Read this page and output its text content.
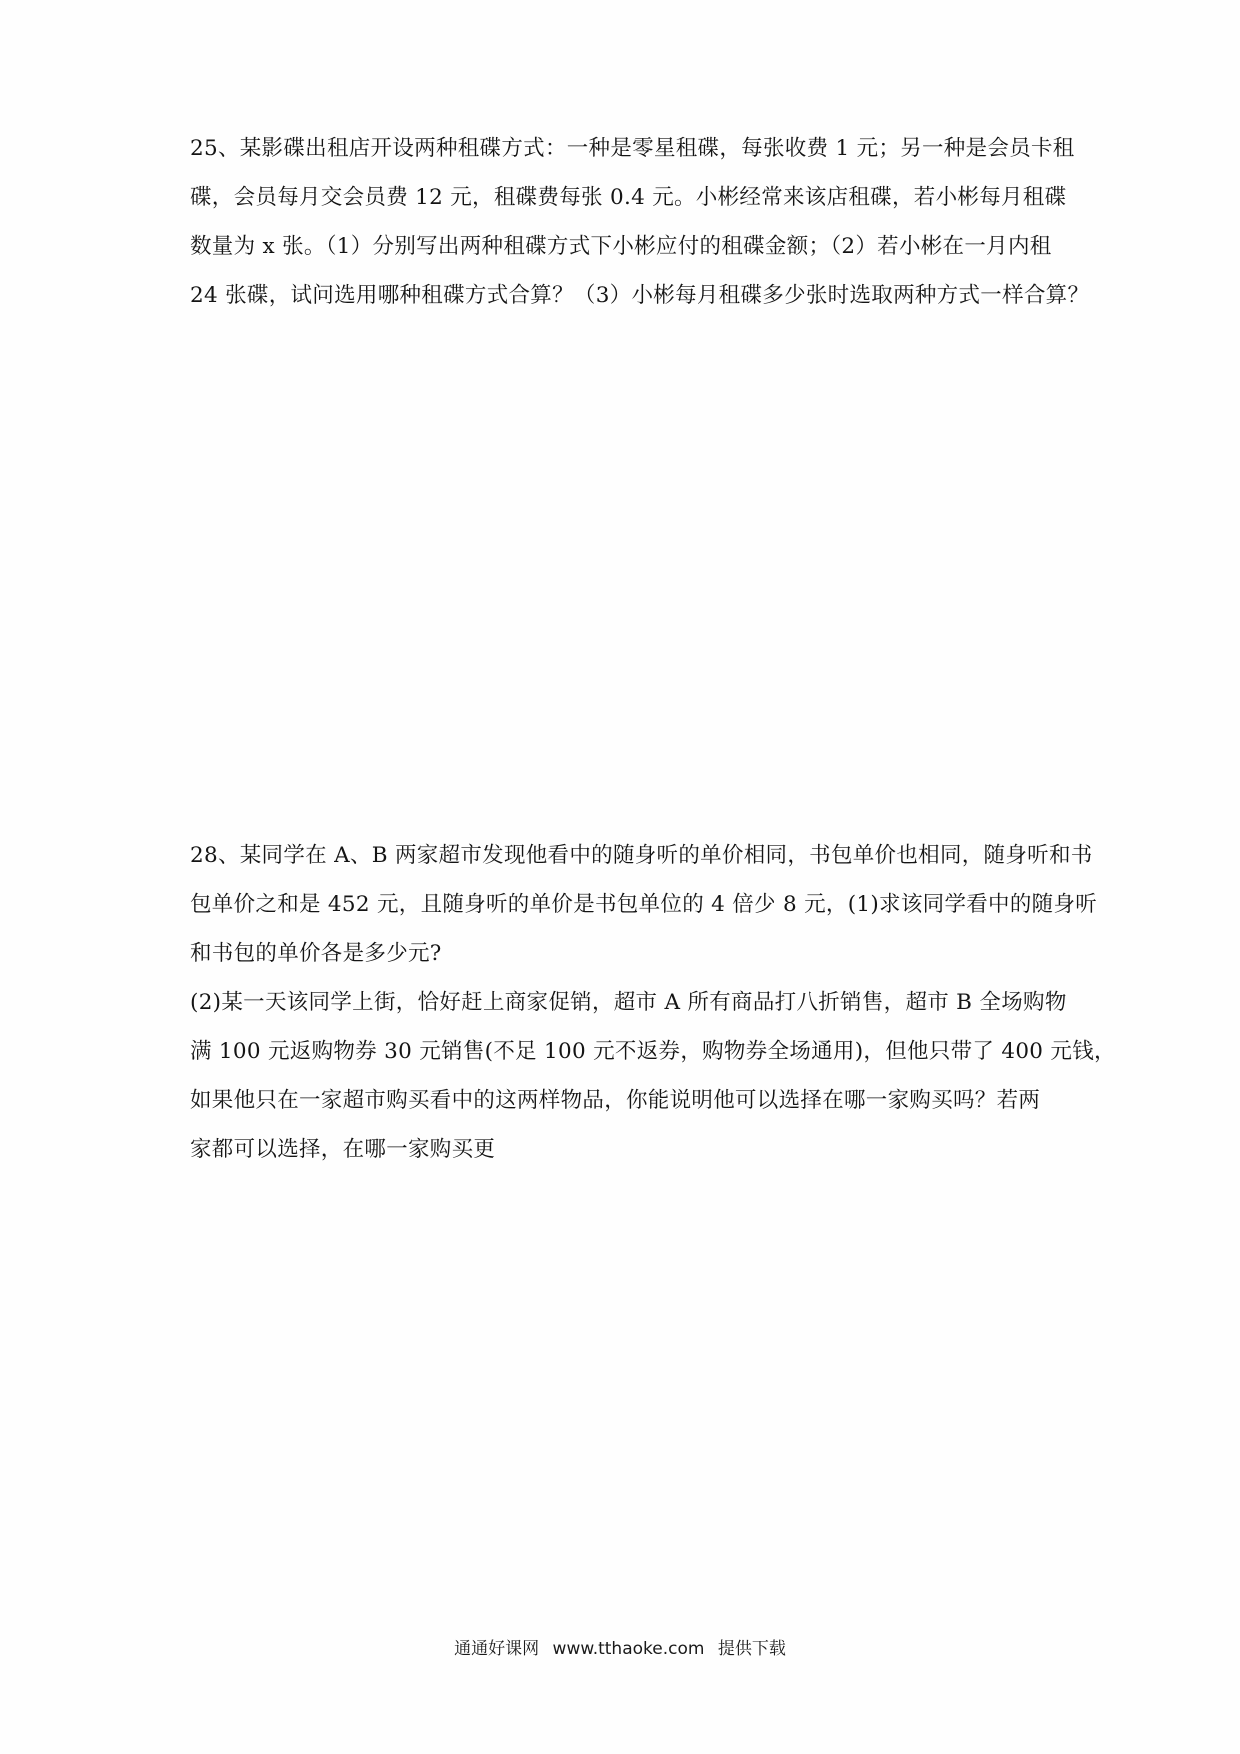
25、某影碟出租店开设两种租碟方式：一种是零星租碟，每张收费 1 元；另一种是会员卡租
碟，会员每月交会员费 12 元，租碟费每张 0.4 元。小彬经常来该店租碟，若小彬每月租碟
数量为 x 张。（1）分别写出两种租碟方式下小彬应付的租碟金额；（2）若小彬在一月内租
24 张碟，试问选用哪种租碟方式合算？（3）小彬每月租碟多少张时选取两种方式一样合算？
28、某同学在 A、B 两家超市发现他看中的随身听的单价相同，书包单价也相同，随身听和书
包单价之和是 452 元，且随身听的单价是书包单位的 4 倍少 8 元，(1)求该同学看中的随身听
和书包的单价各是多少元?
(2)某一天该同学上街，恰好赶上商家促销，超市 A 所有商品打八折销售，超市 B 全场购物
满 100 元返购物券 30 元销售(不足 100 元不返券，购物券全场通用)，但他只带了 400 元钱，
如果他只在一家超市购买看中的这两样物品，你能说明他可以选择在哪一家购买吗？若两
家都可以选择，在哪一家购买更
通通好课网 www.tthaoke.com 提供下载
